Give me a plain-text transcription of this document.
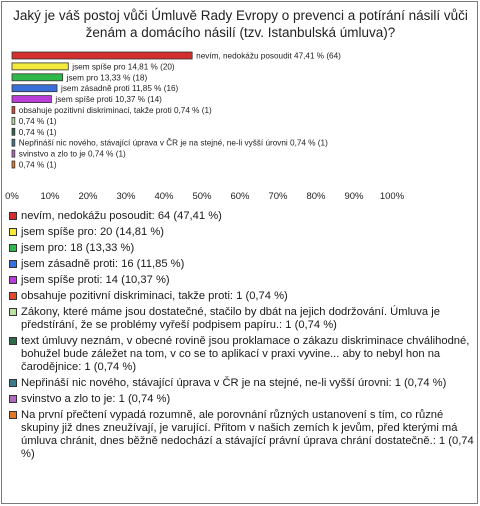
Jaký je váš postoj vůči Úmluvě Rady Evropy o prevenci a potírání násilí vůči ženám a domácího násilí (tzv. Istanbulská úmluva)?
nevím, nedokážu posoudit 47,41 % (64)
jsem spíše pro 14,81 % (20)
jsem pro 13,33 % (18)
jsem zásadně proti 11,85 % (16)
jsem spíše proti 10,37 % (14)
obsahuje pozitivní diskriminaci, takže proti 0,74 % (1)
0,74 % (1)
0,74 % (1)
Nepřináší nic nového, stávající úprava v ČR je na stejné, ne-li vyšší úrovni 0,74 % (1)
svinstvo a zlo to je 0,74 % (1)
0,74 % (1)
0% 10% 20% 30% 40% 50% 60% 70% 80% 90% 100%
nevím, nedokážu posoudit: 64 (47,41 %)
jsem spíše pro: 20 (14,81 %)
jsem pro: 18 (13,33 %)
jsem zásadně proti: 16 (11,85 %)
jsem spíše proti: 14 (10,37 %)
obsahuje pozitivní diskriminaci, takže proti: 1 (0,74 %)
Zákony, které máme jsou dostatečné, stačilo by dbát na jejich dodržování. Úmluva je předstírání, že se problémy vyřeší podpisem papíru.: 1 (0,74 %)
text úmluvy neznám, v obecné rovině jsou proklamace o zákazu diskriminace chválihodné, bohužel bude záležet na tom, v co se to aplikací v praxi vyvine... aby to nebyl hon na čarodějnice: 1 (0,74 %)
Nepřináší nic nového, stávající úprava v ČR je na stejné, ne-li vyšší úrovni: 1 (0,74 %)
svinstvo a zlo to je: 1 (0,74 %)
Na první přečtení vypadá rozumně, ale porovnání různých ustanovení s tím, co různé skupiny již dnes zneužívají, je varující. Přitom v našich zemích k jevům, před kterými má úmluva chránit, dnes běžně nedochází a stávající právní úprava chrání dostatečně.: 1 (0,74 %)
